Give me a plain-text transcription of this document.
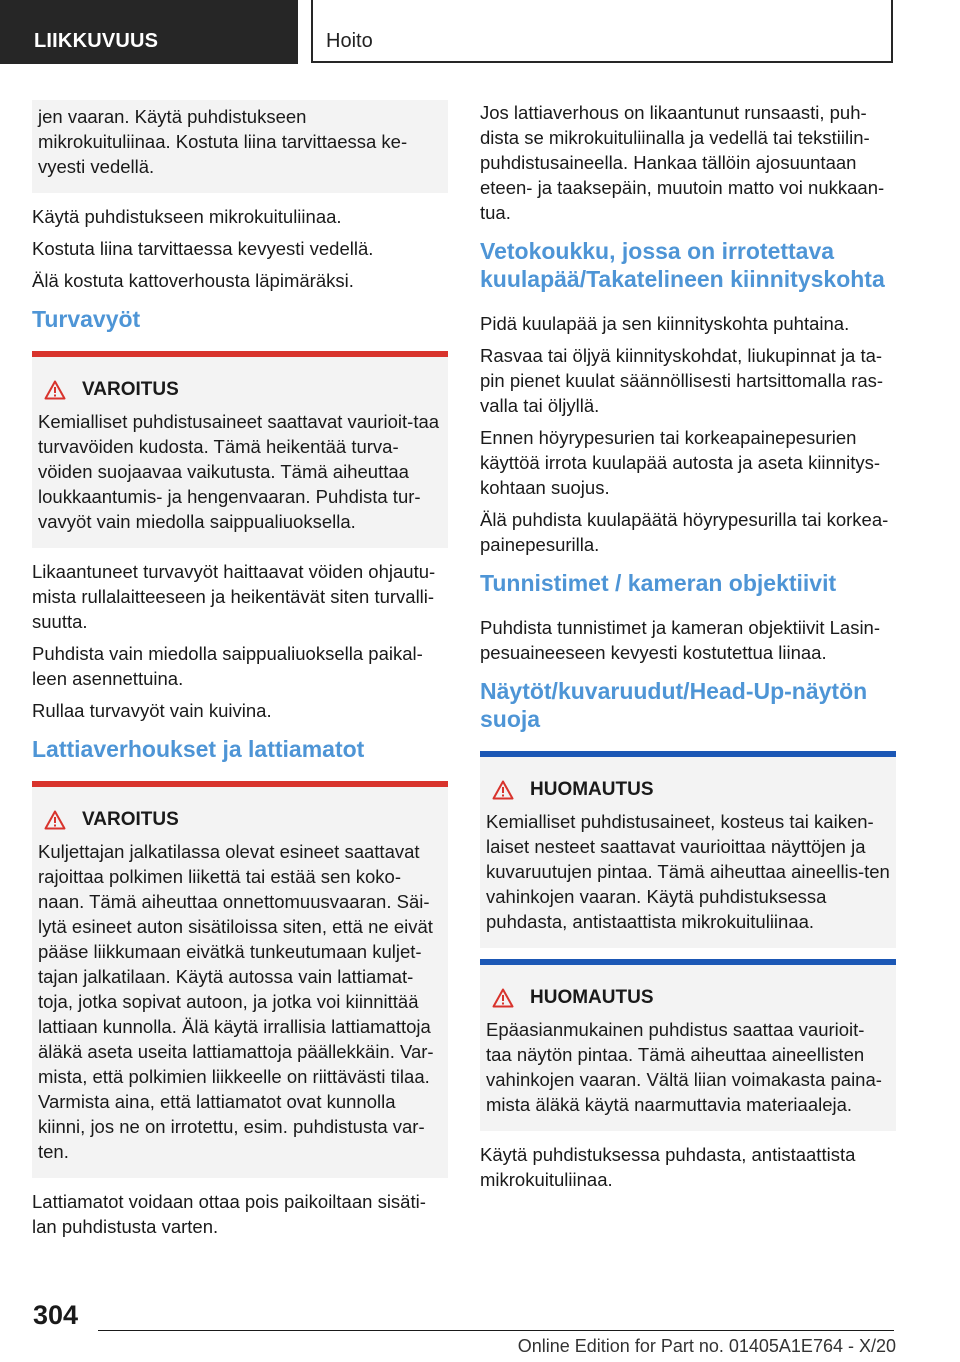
LIIKKUVUUS	Hoito

jen vaaran. Käytä puhdistukseen mikrokuituliinaa. Kostuta liina tarvittaessa ke-vyesti vedellä.

Käytä puhdistukseen mikrokuituliinaa.

Kostuta liina tarvittaessa kevyesti vedellä.

Älä kostuta kattoverhousta läpimäräksi.

Turvavyöt
VAROITUS

Kemialliset puhdistusaineet saattavat vaurioit-taa turvavöiden kudosta. Tämä heikentää turva-vöiden suojaavaa vaikutusta. Tämä aiheuttaa loukkaantumis- ja hengenvaaran. Puhdista tur-vavyöt vain miedolla saippualiuoksella.

Likaantuneet turvavyöt haittaavat vöiden ohjautu-mista rullalaitteeseen ja heikentävät siten turvalli-suutta.

Puhdista vain miedolla saippualiuoksella paikal-leen asennettuina.

Rullaa turvavyöt vain kuivina.

Lattiaverhoukset ja lattiamatot
VAROITUS

Kuljettajan jalkatilassa olevat esineet saattavat rajoittaa polkimen liikettä tai estää sen koko-naan. Tämä aiheuttaa onnettomuusvaaran. Säi-lytä esineet auton sisätiloissa siten, että ne eivät pääse liikkumaan eivätkä tunkeutumaan kuljet-tajan jalkatilaan. Käytä autossa vain lattiamat-toja, jotka sopivat autoon, ja jotka voi kiinnittää lattiaan kunnolla. Älä käytä irrallisia lattiamattoja äläkä aseta useita lattiamattoja päällekkäin. Var-mista, että polkimien liikkeelle on riittävästi tilaa. Varmista aina, että lattiamatot ovat kunnolla kiinni, jos ne on irrotettu, esim. puhdistusta var-ten.

Lattiamatot voidaan ottaa pois paikoiltaan sisäti-lan puhdistusta varten.

Jos lattiaverhous on likaantunut runsaasti, puh-dista se mikrokuituliinalla ja vedellä tai tekstiilin-puhdistusaineella. Hankaa tällöin ajosuuntaan eteen- ja taaksepäin, muutoin matto voi nukkaan-tua.

Vetokoukku, jossa on irrotettava kuulapää/Takatelineen kiinnityskohta

Pidä kuulapää ja sen kiinnityskohta puhtaina.

Rasvaa tai öljyä kiinnityskohdat, liukupinnat ja ta-pin pienet kuulat säännöllisesti hartsittomalla ras-valla tai öljyllä.

Ennen höyrypesurien tai korkeapainepesurien käyttöä irrota kuulapää autosta ja aseta kiinnitys-kohtaan suojus.

Älä puhdista kuulapäätä höyrypesurilla tai korkea-painepesurilla.

Tunnistimet / kameran objektiivit

Puhdista tunnistimet ja kameran objektiivit Lasin-pesuaineeseen kevyesti kostutettua liinaa.

Näytöt/kuvaruudut/Head-Up-näytön suoja
HUOMAUTUS

Kemialliset puhdistusaineet, kosteus tai kaiken-laiset nesteet saattavat vaurioittaa näyttöjen ja kuvaruutujen pintaa. Tämä aiheuttaa aineellis-ten vahinkojen vaaran. Käytä puhdistuksessa puhdasta, antistaattista mikrokuituliinaa.

HUOMAUTUS

Epäasianmukainen puhdistus saattaa vaurioit-taa näytön pintaa. Tämä aiheuttaa aineellisten vahinkojen vaaran. Vältä liian voimakasta paina-mista äläkä käytä naarmuttavia materiaaleja.

Käytä puhdistuksessa puhdasta, antistaattista mikrokuituliinaa.

304
Online Edition for Part no. 01405A1E764 - X/20
